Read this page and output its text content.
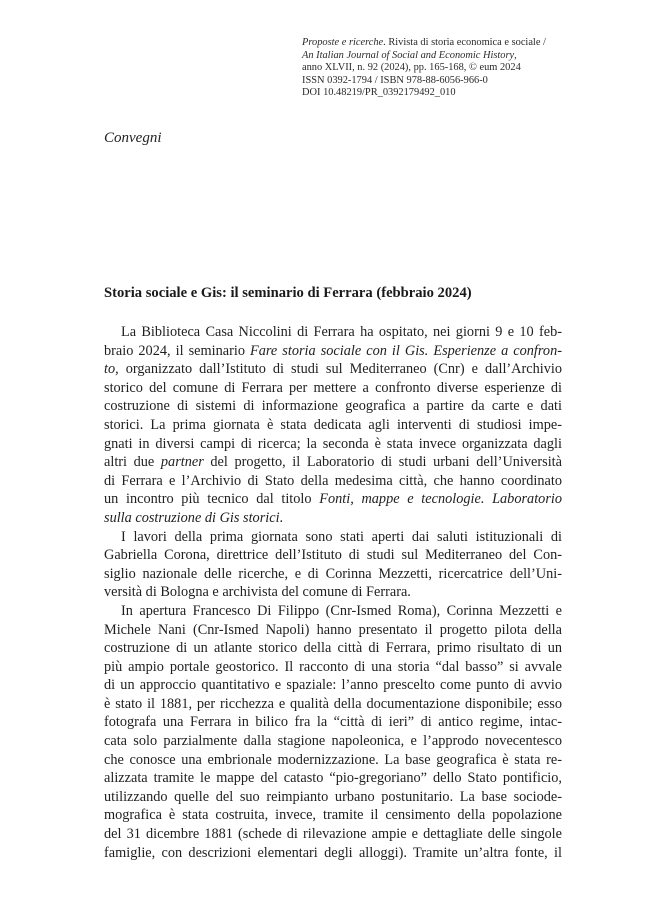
Proposte e ricerche. Rivista di storia economica e sociale /
An Italian Journal of Social and Economic History,
anno XLVII, n. 92 (2024), pp. 165-168, © eum 2024
ISSN 0392-1794 / ISBN 978-88-6056-966-0
DOI 10.48219/PR_0392179492_010
Convegni
Storia sociale e Gis: il seminario di Ferrara (febbraio 2024)
La Biblioteca Casa Niccolini di Ferrara ha ospitato, nei giorni 9 e 10 feb-
braio 2024, il seminario Fare storia sociale con il Gis. Esperienze a confron-
to, organizzato dall’Istituto di studi sul Mediterraneo (Cnr) e dall’Archivio
storico del comune di Ferrara per mettere a confronto diverse esperienze di
costruzione di sistemi di informazione geografica a partire da carte e dati
storici. La prima giornata è stata dedicata agli interventi di studiosi impe-
gnati in diversi campi di ricerca; la seconda è stata invece organizzata dagli
altri due partner del progetto, il Laboratorio di studi urbani dell’Università
di Ferrara e l’Archivio di Stato della medesima città, che hanno coordinato
un incontro più tecnico dal titolo Fonti, mappe e tecnologie. Laboratorio
sulla costruzione di Gis storici.
I lavori della prima giornata sono stati aperti dai saluti istituzionali di
Gabriella Corona, direttrice dell’Istituto di studi sul Mediterraneo del Con-
siglio nazionale delle ricerche, e di Corinna Mezzetti, ricercatrice dell’Uni-
versità di Bologna e archivista del comune di Ferrara.
In apertura Francesco Di Filippo (Cnr-Ismed Roma), Corinna Mezzetti e
Michele Nani (Cnr-Ismed Napoli) hanno presentato il progetto pilota della
costruzione di un atlante storico della città di Ferrara, primo risultato di un
più ampio portale geostorico. Il racconto di una storia “dal basso” si avvale
di un approccio quantitativo e spaziale: l’anno prescelto come punto di avvio
è stato il 1881, per ricchezza e qualità della documentazione disponibile; esso
fotografa una Ferrara in bilico fra la “città di ieri” di antico regime, intac-
cata solo parzialmente dalla stagione napoleonica, e l’approdo novecentesco
che conosce una embrionale modernizzazione. La base geografica è stata re-
alizzata tramite le mappe del catasto “pio-gregoriano” dello Stato pontificio,
utilizzando quelle del suo reimpianto urbano postunitario. La base sociode-
mografica è stata costruita, invece, tramite il censimento della popolazione
del 31 dicembre 1881 (schede di rilevazione ampie e dettagliate delle singole
famiglie, con descrizioni elementari degli alloggi). Tramite un’altra fonte, il
